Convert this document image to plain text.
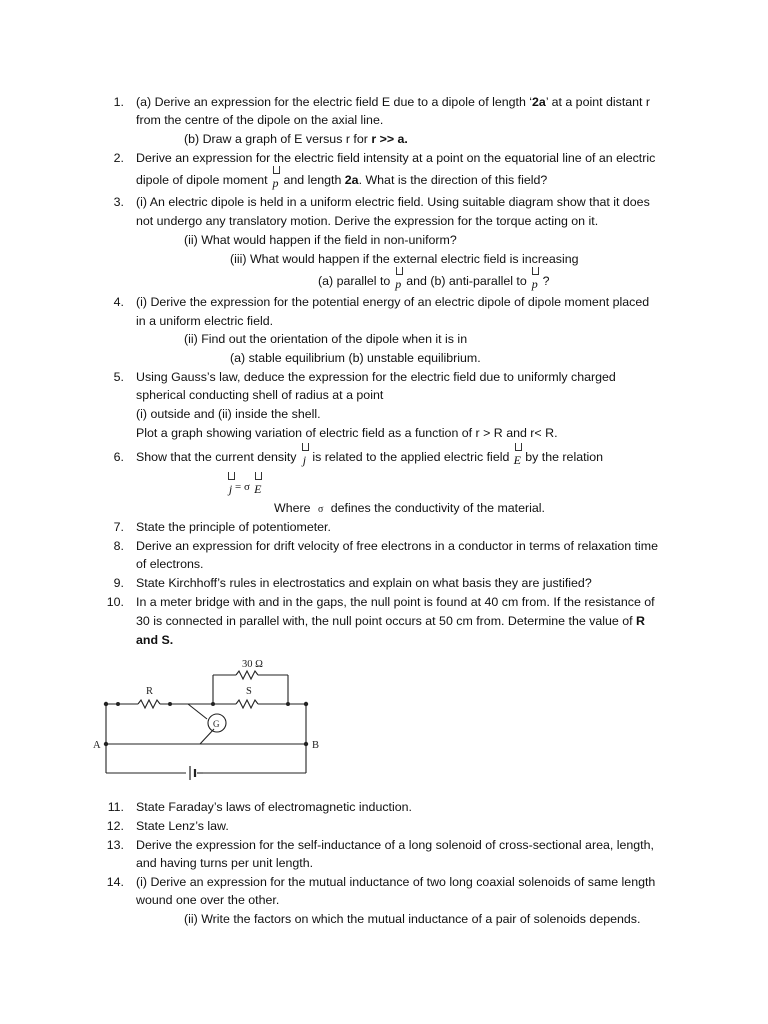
1. (a) Derive an expression for the electric field E due to a dipole of length ‘2a’ at a point distant r
from the centre of the dipole on the axial line.
(b) Draw a graph of E versus r for r >> a.
2. Derive an expression for the electric field intensity at a point on the equatorial line of an electric
dipole of dipole moment
p and length 2a. What is the direction of this field?
3. (i) An electric dipole is held in a uniform electric field. Using suitable diagram show that it does
not undergo any translatory motion. Derive the expression for the torque acting on it.
(ii) What would happen if the field in non-uniform?
(iii) What would happen if the external electric field is increasing
(a) parallel to
p and (b) anti-parallel to
p ?
4. (i) Derive the expression for the potential energy of an electric dipole of dipole moment placed
in a uniform electric field.
(ii) Find out the orientation of the dipole when it is in
(a) stable equilibrium (b) unstable equilibrium.
5. Using Gauss’s law, deduce the expression for the electric field due to uniformly charged
spherical conducting shell of radius at a point
(i) outside and (ii) inside the shell.
Plot a graph showing variation of electric field as a function of r > R and r< R.
6. Show that the current density
j is related to the applied electric field
E by the relation
j = σ E
Where σ defines the conductivity of the material.
7. State the principle of potentiometer.
8. Derive an expression for drift velocity of free electrons in a conductor in terms of relaxation time
of electrons.
9. State Kirchhoff’s rules in electrostatics and explain on what basis they are justified?
10. In a meter bridge with and in the gaps, the null point is found at 40 cm from. If the resistance of
30 is connected in parallel with, the null point occurs at 50 cm from. Determine the value of R
and S.
30 Ω
R	S
G
A	B
11. State Faraday’s laws of electromagnetic induction.
12. State Lenz’s law.
13. Derive the expression for the self-inductance of a long solenoid of cross-sectional area, length,
and having turns per unit length.
14. (i) Derive an expression for the mutual inductance of two long coaxial solenoids of same length
wound one over the other.
(ii) Write the factors on which the mutual inductance of a pair of solenoids depends.
